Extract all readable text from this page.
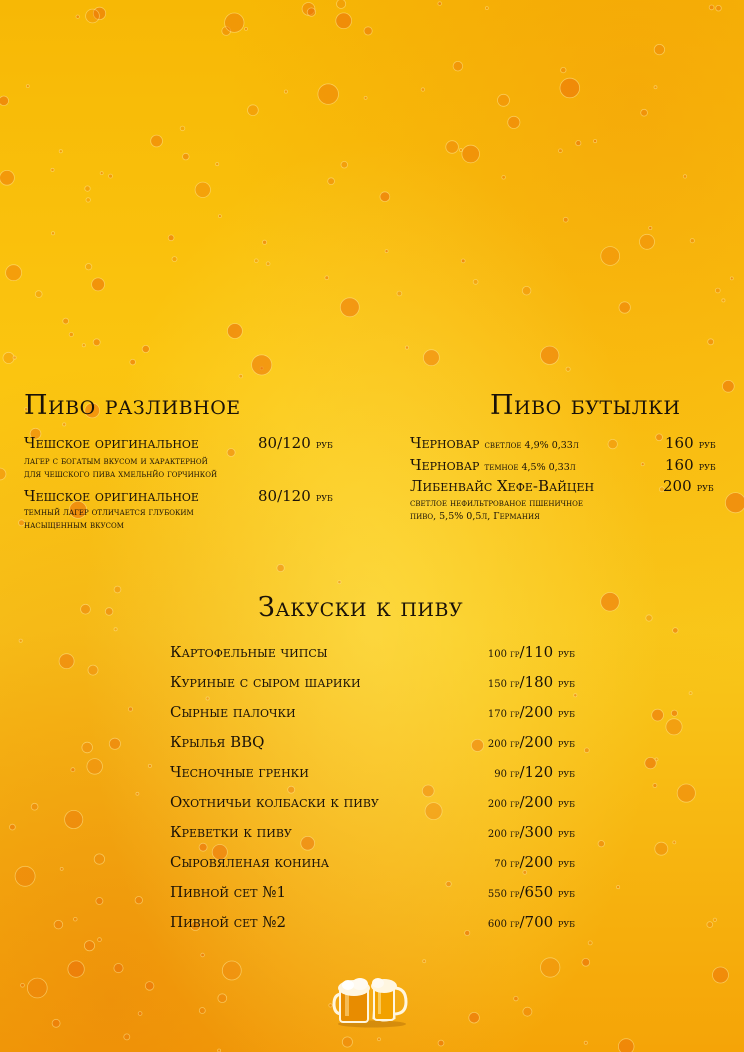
Пиво разливное
Чешское оригинальное	80/120 руб
лагер с богатым вкусом и характерной
для чешского пива хмельнйо горчинкой
Чешское оригинальное	80/120 руб
темный лагер отличается глубоким
насыщенным вкусом
Пиво бутылки
Черновар светлое 4,9% 0,33л	160 руб
Черновар темное 4,5% 0,33л	160 руб
Либенвайс Хефе-Вайцен	200 руб
светлое нефильтрованое пшеничное
пиво, 5,5% 0,5л, Германия
Закуски к пиву
Картофельные чипсы	100 гр/110 руб
Куриные с сыром шарики	150 гр/180 руб
Сырные палочки	170 гр/200 руб
Крылья BBQ	200 гр/200 руб
Чесночные гренки	90 гр/120 руб
Охотничьи колбаски к пиву	200 гр/200 руб
Креветки к пиву	200 гр/300 руб
Сыровяленая конина	70 гр/200 руб
Пивной сет №1	550 гр/650 руб
Пивной сет №2	600 гр/700 руб
